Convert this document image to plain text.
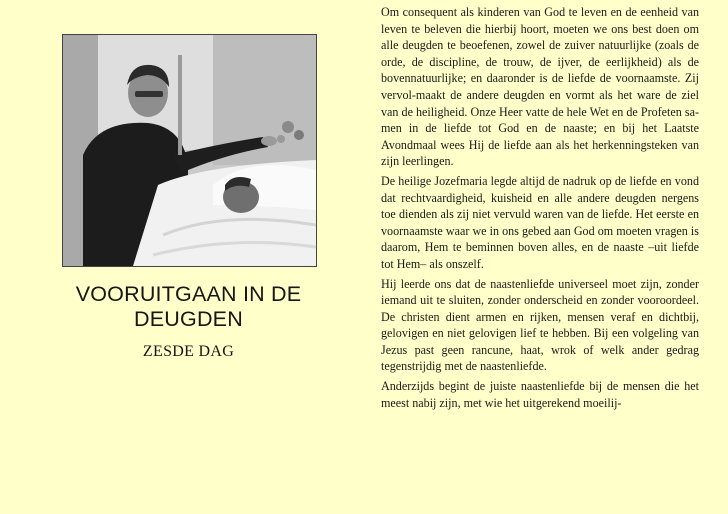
VOORUITGAAN IN DE DEUGDEN
ZESDE DAG

Om consequent als kinderen van God te leven en de eenheid van leven te beleven die hierbij hoort, moeten we ons best doen om alle deugden te beoefenen, zowel de zuiver natuurlijke (zoals de orde, de discipline, de trouw, de ijver, de eerlijkheid) als de bovennatuurlijke; en daaronder is de liefde de voornaamste. Zij vervol-maakt de andere deugden en vormt als het ware de ziel van de heiligheid. Onze Heer vatte de hele Wet en de Profeten sa-men in de liefde tot God en de naaste; en bij het Laatste Avondmaal wees Hij de liefde aan als het herkenningsteken van zijn leerlingen.

De heilige Jozefmaria legde altijd de nadruk op de liefde en vond dat rechtvaardigheid, kuisheid en alle andere deugden nergens toe dienden als zij niet vervuld waren van de liefde. Het eerste en voornaamste waar we in ons gebed aan God om moeten vragen is daarom, Hem te beminnen boven alles, en de naaste –uit liefde tot Hem– als onszelf.

Hij leerde ons dat de naastenliefde universeel moet zijn, zonder iemand uit te sluiten, zonder onderscheid en zonder vooroordeel. De christen dient armen en rijken, mensen veraf en dichtbij, gelovigen en niet gelovigen lief te hebben. Bij een volgeling van Jezus past geen rancune, haat, wrok of welk ander gedrag tegenstrijdig met de naastenliefde.

Anderzijds begint de juiste naastenliefde bij de mensen die het meest nabij zijn, met wie het uitgerekend moeilij-
